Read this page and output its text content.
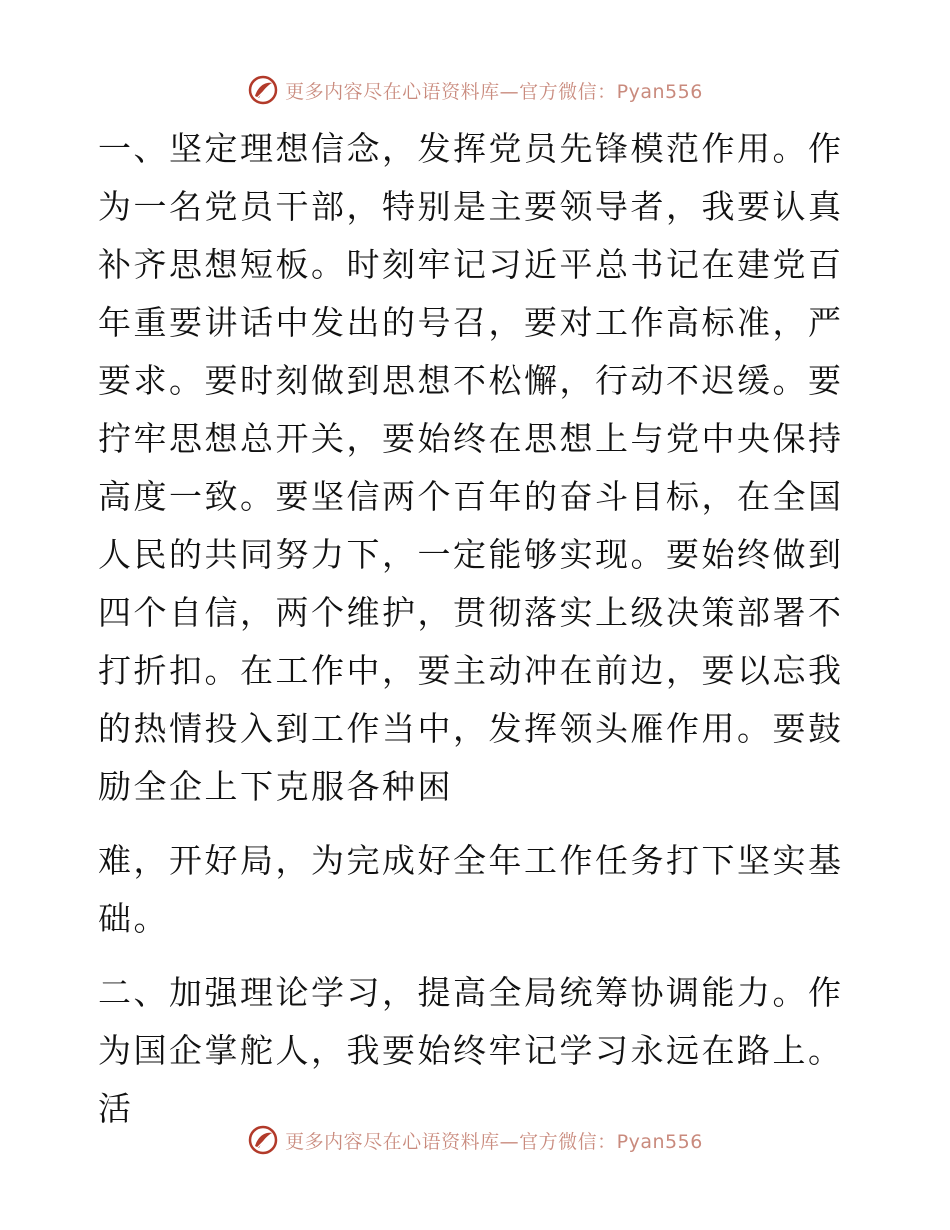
更多内容尽在心语资料库—官方微信：Pyan556

一、坚定理想信念，发挥党员先锋模范作用。作为一名党员干部，特别是主要领导者，我要认真补齐思想短板。时刻牢记习近平总书记在建党百年重要讲话中发出的号召，要对工作高标准，严要求。要时刻做到思想不松懈，行动不迟缓。要拧牢思想总开关，要始终在思想上与党中央保持高度一致。要坚信两个百年的奋斗目标，在全国人民的共同努力下，一定能够实现。要始终做到四个自信，两个维护，贯彻落实上级决策部署不打折扣。在工作中，要主动冲在前边，要以忘我的热情投入到工作当中，发挥领头雁作用。要鼓励全企上下克服各种困

难，开好局，为完成好全年工作任务打下坚实基础。

二、加强理论学习，提高全局统筹协调能力。作为国企掌舵人，我要始终牢记学习永远在路上。活

更多内容尽在心语资料库—官方微信：Pyan556
